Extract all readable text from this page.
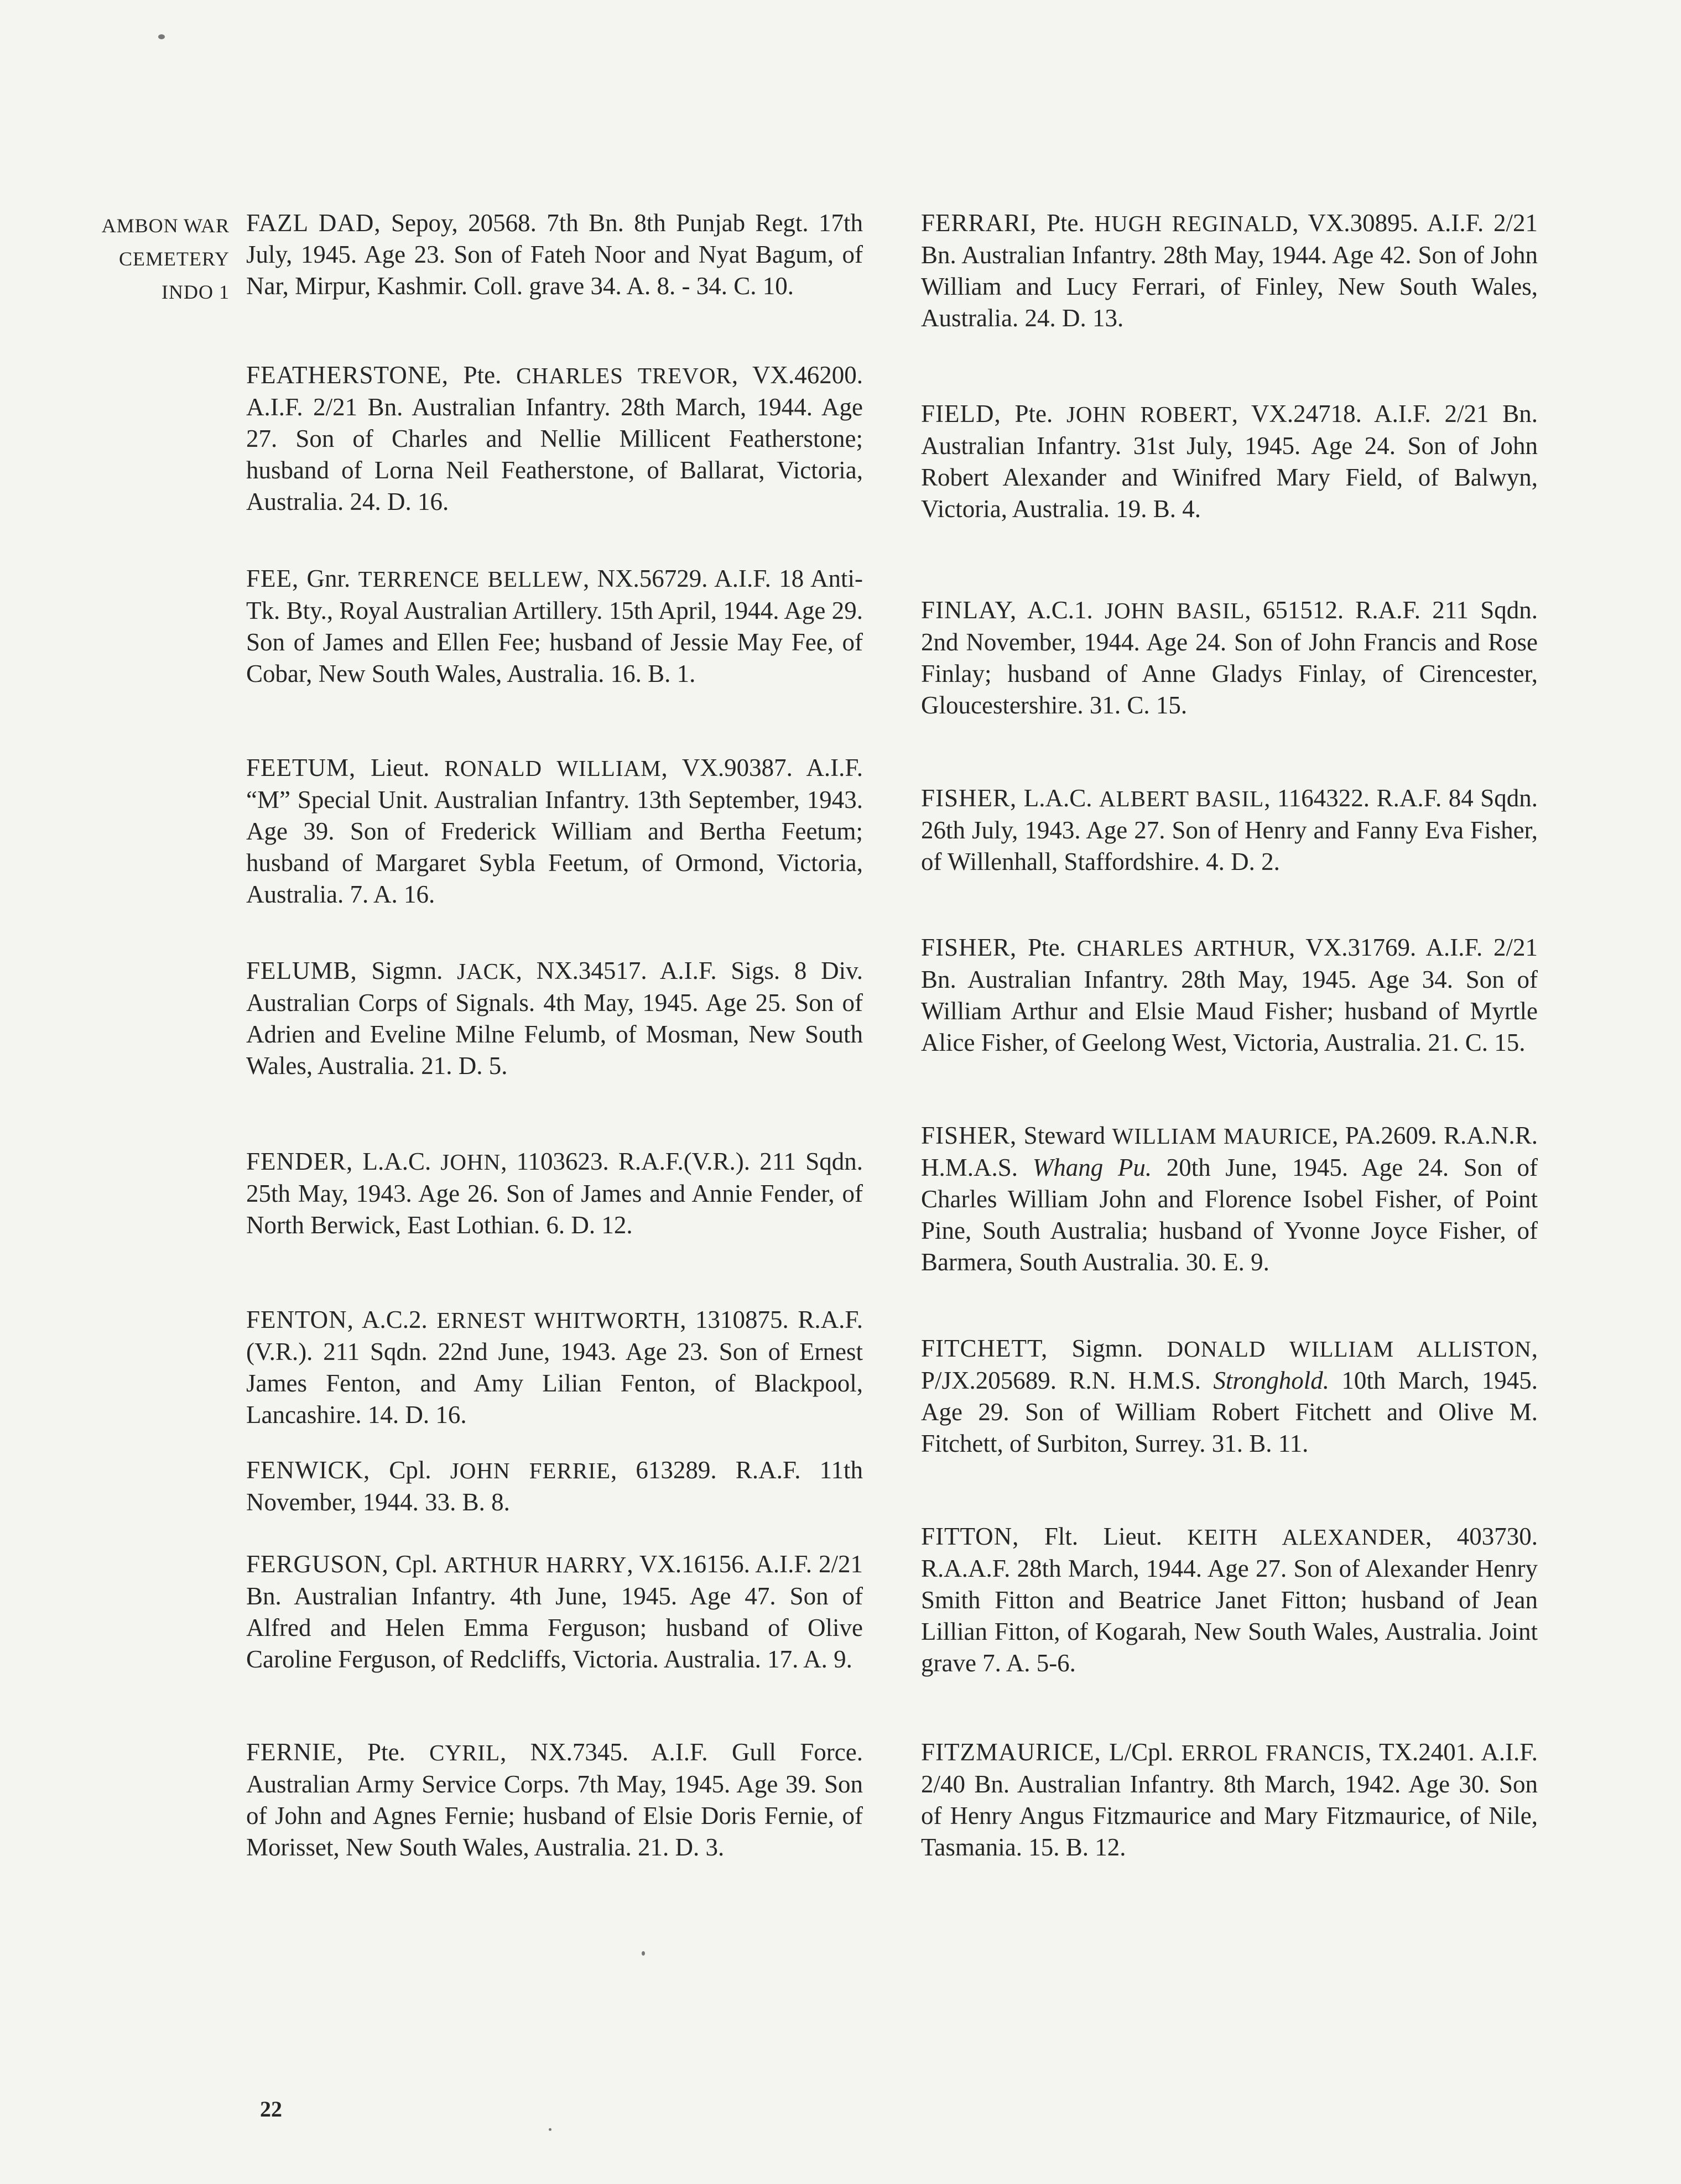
AMBON WAR
CEMETERY
INDO 1
FAZL DAD, Sepoy, 20568. 7th Bn. 8th Punjab Regt. 17th July, 1945. Age 23. Son of Fateh Noor and Nyat Bagum, of Nar, Mirpur, Kashmir. Coll. grave 34. A. 8. - 34. C. 10.
FEATHERSTONE, Pte. CHARLES TREVOR, VX.46200. A.I.F. 2/21 Bn. Australian Infantry. 28th March, 1944. Age 27. Son of Charles and Nellie Millicent Featherstone; husband of Lorna Neil Featherstone, of Ballarat, Victoria, Australia. 24. D. 16.
FEE, Gnr. TERRENCE BELLEW, NX.56729. A.I.F. 18 Anti-Tk. Bty., Royal Australian Artillery. 15th April, 1944. Age 29. Son of James and Ellen Fee; husband of Jessie May Fee, of Cobar, New South Wales, Australia. 16. B. 1.
FEETUM, Lieut. RONALD WILLIAM, VX.90387. A.I.F. “M” Special Unit. Australian Infantry. 13th September, 1943. Age 39. Son of Frederick William and Bertha Feetum; husband of Margaret Sybla Feetum, of Ormond, Victoria, Australia. 7. A. 16.
FELUMB, Sigmn. JACK, NX.34517. A.I.F. Sigs. 8 Div. Australian Corps of Signals. 4th May, 1945. Age 25. Son of Adrien and Eveline Milne Felumb, of Mosman, New South Wales, Australia. 21. D. 5.
FENDER, L.A.C. JOHN, 1103623. R.A.F.(V.R.). 211 Sqdn. 25th May, 1943. Age 26. Son of James and Annie Fender, of North Berwick, East Lothian. 6. D. 12.
FENTON, A.C.2. ERNEST WHITWORTH, 1310875. R.A.F.(V.R.). 211 Sqdn. 22nd June, 1943. Age 23. Son of Ernest James Fenton, and Amy Lilian Fenton, of Blackpool, Lancashire. 14. D. 16.
FENWICK, Cpl. JOHN FERRIE, 613289. R.A.F. 11th November, 1944. 33. B. 8.
FERGUSON, Cpl. ARTHUR HARRY, VX.16156. A.I.F. 2/21 Bn. Australian Infantry. 4th June, 1945. Age 47. Son of Alfred and Helen Emma Ferguson; husband of Olive Caroline Ferguson, of Redcliffs, Victoria. Australia. 17. A. 9.
FERNIE, Pte. CYRIL, NX.7345. A.I.F. Gull Force. Australian Army Service Corps. 7th May, 1945. Age 39. Son of John and Agnes Fernie; husband of Elsie Doris Fernie, of Morisset, New South Wales, Australia. 21. D. 3.
FERRARI, Pte. HUGH REGINALD, VX.30895. A.I.F. 2/21 Bn. Australian Infantry. 28th May, 1944. Age 42. Son of John William and Lucy Ferrari, of Finley, New South Wales, Australia. 24. D. 13.
FIELD, Pte. JOHN ROBERT, VX.24718. A.I.F. 2/21 Bn. Australian Infantry. 31st July, 1945. Age 24. Son of John Robert Alexander and Winifred Mary Field, of Balwyn, Victoria, Australia. 19. B. 4.
FINLAY, A.C.1. JOHN BASIL, 651512. R.A.F. 211 Sqdn. 2nd November, 1944. Age 24. Son of John Francis and Rose Finlay; husband of Anne Gladys Finlay, of Cirencester, Gloucestershire. 31. C. 15.
FISHER, L.A.C. ALBERT BASIL, 1164322. R.A.F. 84 Sqdn. 26th July, 1943. Age 27. Son of Henry and Fanny Eva Fisher, of Willenhall, Staffordshire. 4. D. 2.
FISHER, Pte. CHARLES ARTHUR, VX.31769. A.I.F. 2/21 Bn. Australian Infantry. 28th May, 1945. Age 34. Son of William Arthur and Elsie Maud Fisher; husband of Myrtle Alice Fisher, of Geelong West, Victoria, Australia. 21. C. 15.
FISHER, Steward WILLIAM MAURICE, PA.2609. R.A.N.R. H.M.A.S. Whang Pu. 20th June, 1945. Age 24. Son of Charles William John and Florence Isobel Fisher, of Point Pine, South Australia; husband of Yvonne Joyce Fisher, of Barmera, South Australia. 30. E. 9.
FITCHETT, Sigmn. DONALD WILLIAM ALLISTON, P/JX.205689. R.N. H.M.S. Stronghold. 10th March, 1945. Age 29. Son of William Robert Fitchett and Olive M. Fitchett, of Surbiton, Surrey. 31. B. 11.
FITTON, Flt. Lieut. KEITH ALEXANDER, 403730. R.A.A.F. 28th March, 1944. Age 27. Son of Alexander Henry Smith Fitton and Beatrice Janet Fitton; husband of Jean Lillian Fitton, of Kogarah, New South Wales, Australia. Joint grave 7. A. 5-6.
FITZMAURICE, L/Cpl. ERROL FRANCIS, TX.2401. A.I.F. 2/40 Bn. Australian Infantry. 8th March, 1942. Age 30. Son of Henry Angus Fitzmaurice and Mary Fitzmaurice, of Nile, Tasmania. 15. B. 12.
22
